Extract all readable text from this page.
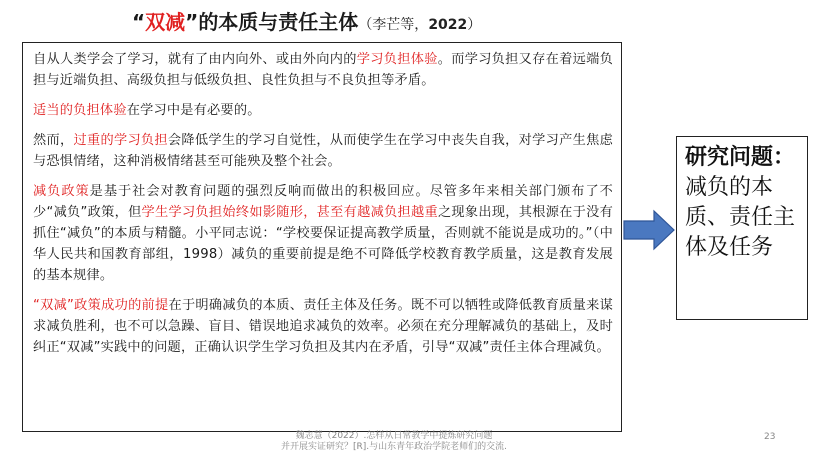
“双减”的本质与责任主体（李芒等，2022）

自从人类学会了学习，就有了由内向外、或由外向内的学习负担体验。而学习负担又存在着远端负担与近端负担、高级负担与低级负担、良性负担与不良负担等矛盾。

适当的负担体验在学习中是有必要的。

然而，过重的学习负担会降低学生的学习自觉性，从而使学生在学习中丧失自我，对学习产生焦虑与恐惧情绪，这种消极情绪甚至可能殃及整个社会。

减负政策是基于社会对教育问题的强烈反响而做出的积极回应。尽管多年来相关部门颁布了不少“减负”政策，但学生学习负担始终如影随形，甚至有越减负担越重之现象出现，其根源在于没有抓住“减负”的本质与精髓。小平同志说：“学校要保证提高教学质量，否则就不能说是成功的。”（中华人民共和国教育部组，1998）减负的重要前提是绝不可降低学校教育教学质量，这是教育发展的基本规律。

“双减”政策成功的前提在于明确减负的本质、责任主体及任务。既不可以牺牲或降低教育质量来谋求减负胜利，也不可以急躁、盲目、错误地追求减负的效率。必须在充分理解减负的基础上，及时纠正“双减”实践中的问题，正确认识学生学习负担及其内在矛盾，引导“双减”责任主体合理减负。

研究问题：
减负的本质、责任主体及任务
魏志慧（2022）.怎样从日常教学中提炼研究问题
并开展实证研究？[R].与山东青年政治学院老师们的交流.
23
